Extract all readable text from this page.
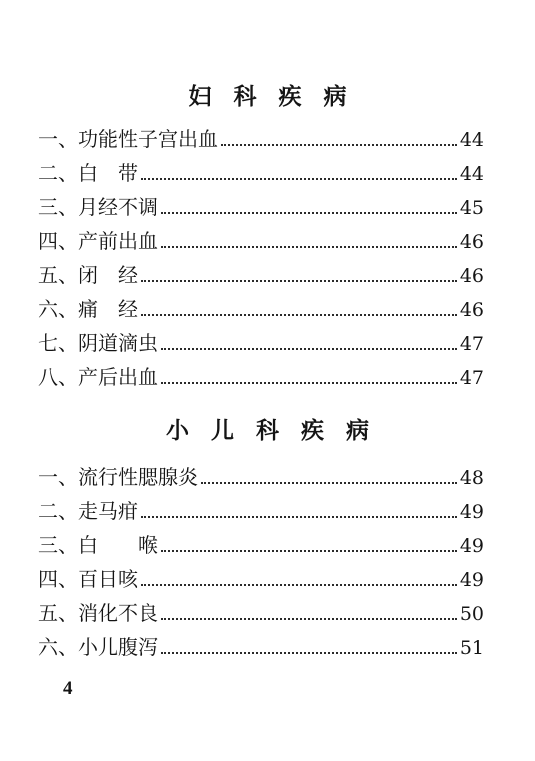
妇科疾病
一、 功能性子宫出血	44
二、 白　带	44
三、 月经不调	45
四、 产前出血	46
五、 闭　经	46
六、 痛　经	46
七、 阴道滴虫	47
八、 产后出血	47
小儿科疾病
一、 流行性腮腺炎	48
二、 走马疳	49
三、 白　　喉	49
四、 百日咳	49
五、 消化不良	50
六、 小儿腹泻	51
4
